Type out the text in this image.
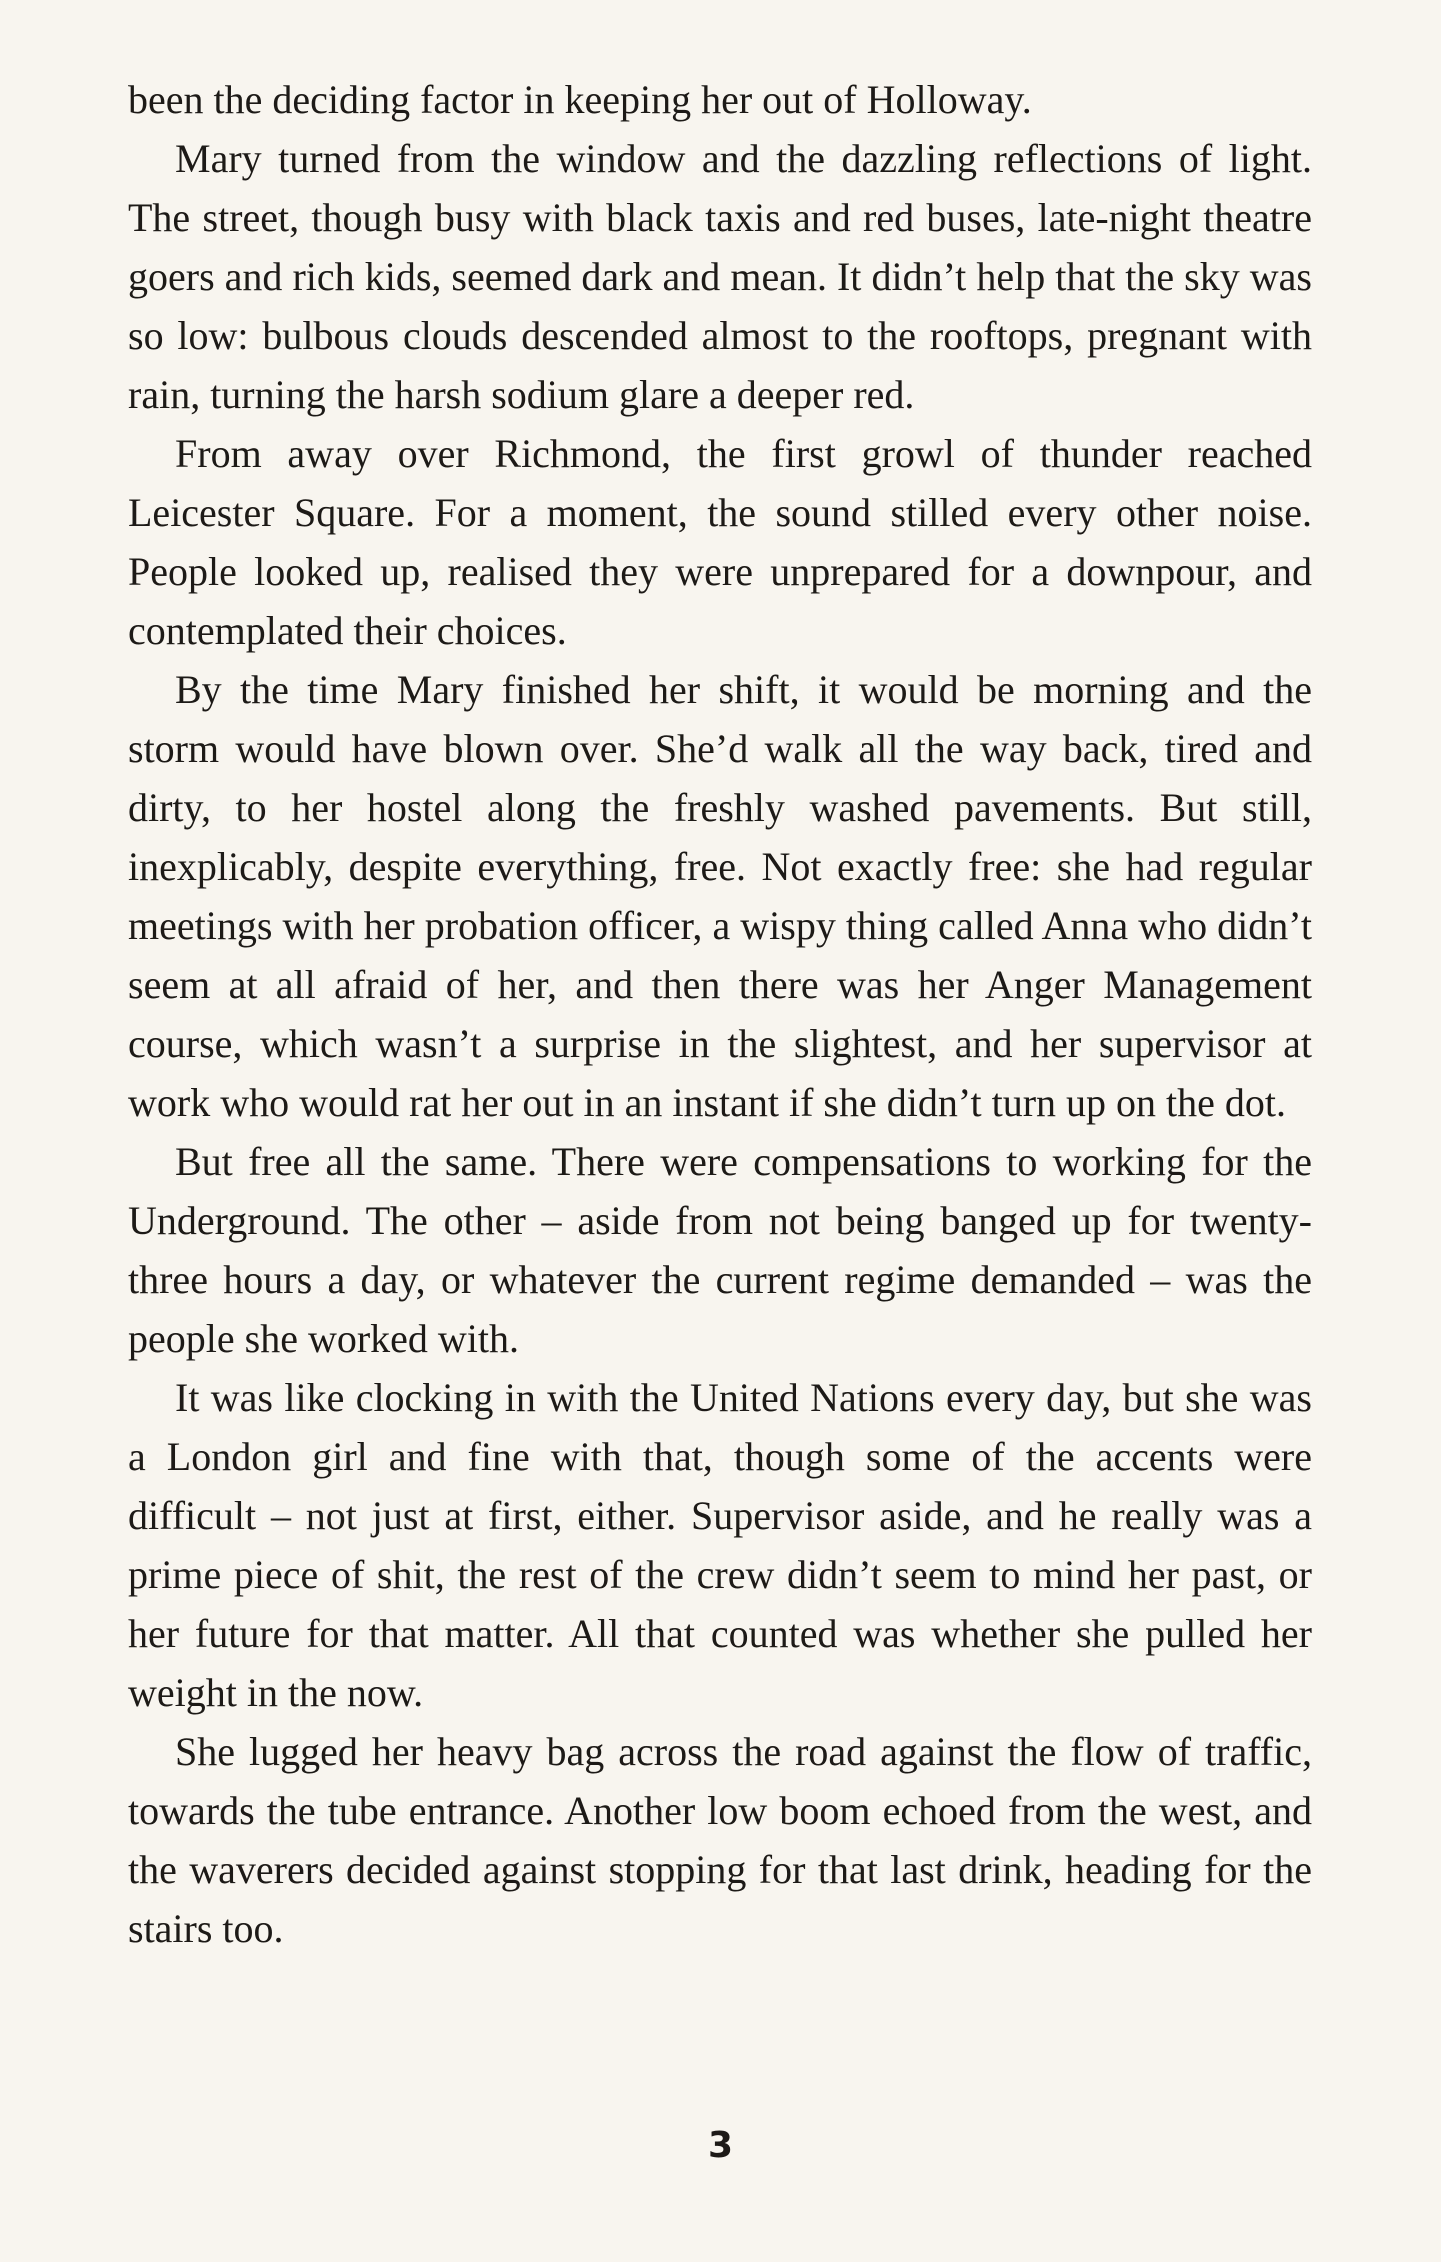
been the deciding factor in keeping her out of Holloway.

Mary turned from the window and the dazzling reflections of light. The street, though busy with black taxis and red buses, late-night theatre goers and rich kids, seemed dark and mean. It didn’t help that the sky was so low: bulbous clouds descended almost to the rooftops, pregnant with rain, turning the harsh sodium glare a deeper red.

From away over Richmond, the first growl of thunder reached Leicester Square. For a moment, the sound stilled every other noise. People looked up, realised they were unprepared for a downpour, and contemplated their choices.

By the time Mary finished her shift, it would be morning and the storm would have blown over. She’d walk all the way back, tired and dirty, to her hostel along the freshly washed pavements. But still, inexplicably, despite everything, free. Not exactly free: she had regular meetings with her probation officer, a wispy thing called Anna who didn’t seem at all afraid of her, and then there was her Anger Management course, which wasn’t a surprise in the slightest, and her supervisor at work who would rat her out in an instant if she didn’t turn up on the dot.

But free all the same. There were compensations to working for the Underground. The other – aside from not being banged up for twenty-three hours a day, or whatever the current regime demanded – was the people she worked with.

It was like clocking in with the United Nations every day, but she was a London girl and fine with that, though some of the accents were difficult – not just at first, either. Supervisor aside, and he really was a prime piece of shit, the rest of the crew didn’t seem to mind her past, or her future for that matter. All that counted was whether she pulled her weight in the now.

She lugged her heavy bag across the road against the flow of traffic, towards the tube entrance. Another low boom echoed from the west, and the waverers decided against stopping for that last drink, heading for the stairs too.

3
